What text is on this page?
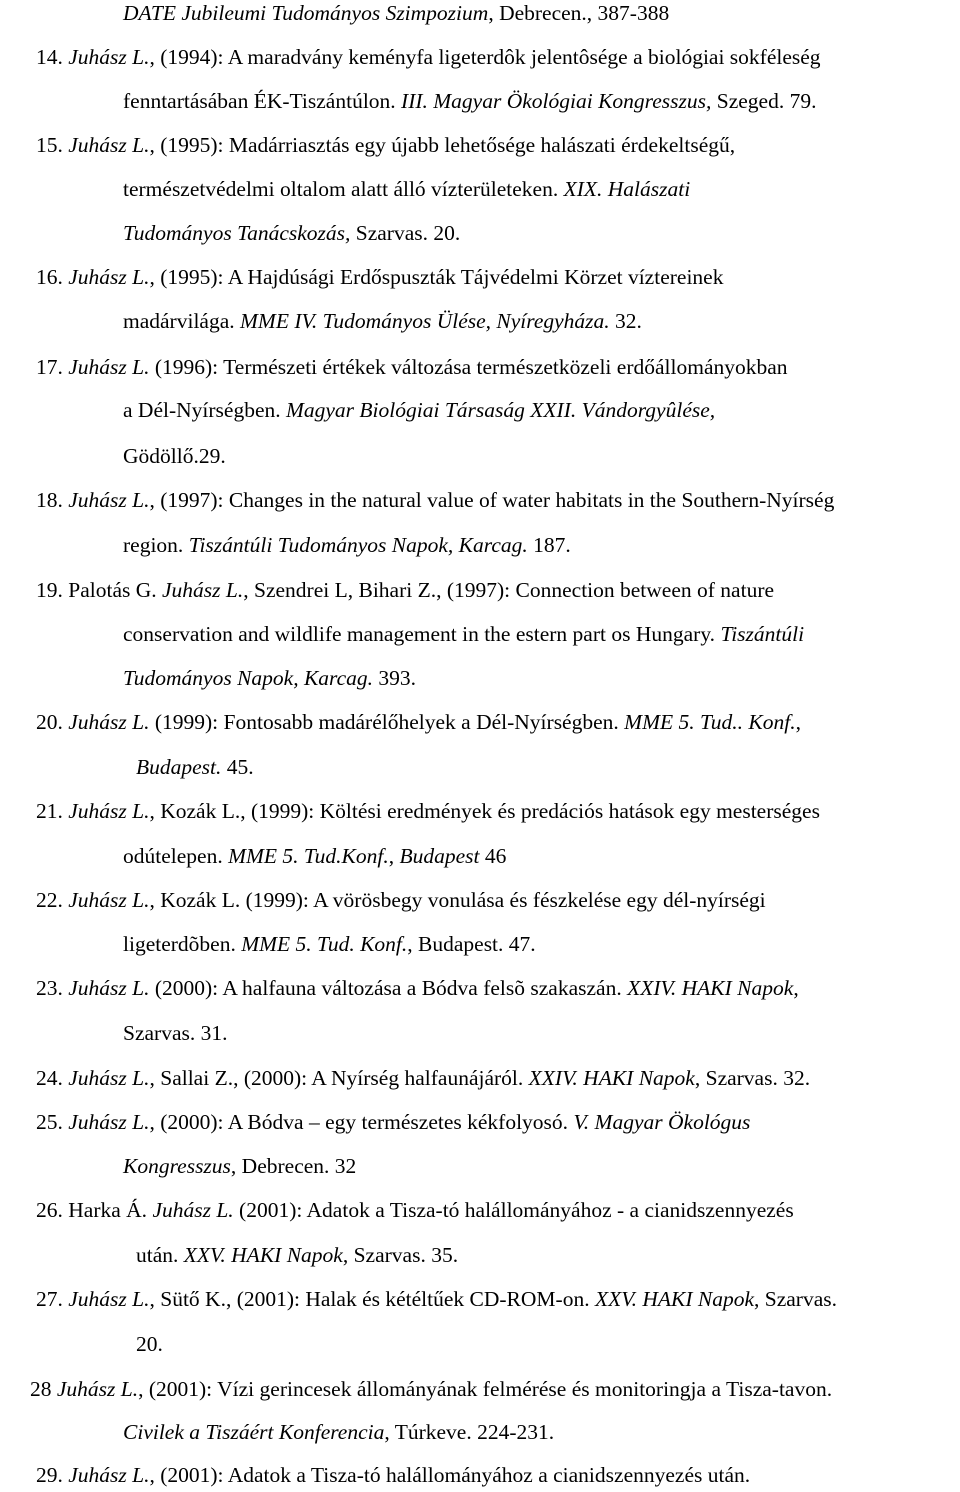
DATE Jubileumi Tudományos Szimpozium, Debrecen., 387-388
14. Juhász L., (1994): A maradvány keményfa ligeterdôk jelentôsége a biológiai sokféleség
fenntartásában ÉK-Tiszántúlon. III. Magyar Ökológiai Kongresszus, Szeged. 79.
15. Juhász L., (1995): Madárriasztás egy újabb lehetősége halászati érdekeltségű,
természetvédelmi oltalom alatt álló vízterületeken. XIX. Halászati
Tudományos Tanácskozás, Szarvas. 20.
16. Juhász L., (1995): A Hajdúsági Erdőspuszták Tájvédelmi Körzet víztereinek
madárvilága. MME IV. Tudományos Ülése, Nyíregyháza. 32.
17. Juhász L. (1996): Természeti értékek változása természetközeli erdőállományokban
a Dél-Nyírségben. Magyar Biológiai Társaság XXII. Vándorgyûlése,
Gödöllő.29.
18. Juhász L., (1997): Changes in the natural value of water habitats in the Southern-Nyírség
region. Tiszántúli Tudományos Napok, Karcag. 187.
19. Palotás G. Juhász L., Szendrei L, Bihari Z., (1997): Connection between of nature
conservation and wildlife management in the estern part os Hungary. Tiszántúli
Tudományos Napok, Karcag. 393.
20. Juhász L. (1999): Fontosabb madárélőhelyek a Dél-Nyírségben. MME 5. Tud.. Konf.,
Budapest. 45.
21. Juhász L., Kozák L., (1999): Költési eredmények és predációs hatások egy mesterséges
odútelepen. MME 5. Tud.Konf., Budapest 46
22. Juhász L., Kozák L. (1999): A vörösbegy vonulása és fészkelése egy dél-nyírségi
ligeterdõben. MME 5. Tud. Konf., Budapest. 47.
23. Juhász L. (2000): A halfauna változása a Bódva felsõ szakaszán. XXIV. HAKI Napok,
Szarvas. 31.
24. Juhász L., Sallai Z., (2000): A Nyírség halfaunájáról. XXIV. HAKI Napok, Szarvas. 32.
25. Juhász L., (2000): A Bódva – egy természetes kékfolyosó. V. Magyar Ökológus
Kongresszus, Debrecen. 32
26. Harka Á. Juhász L. (2001): Adatok a Tisza-tó halállományához - a cianidszennyezés
után. XXV. HAKI Napok, Szarvas. 35.
27. Juhász L., Sütő K., (2001): Halak és kétéltűek CD-ROM-on. XXV. HAKI Napok, Szarvas.
20.
28 Juhász L., (2001): Vízi gerincesek állományának felmérése és monitoringja a Tisza-tavon.
Civilek a Tiszáért Konferencia, Túrkeve. 224-231.
29. Juhász L., (2001): Adatok a Tisza-tó halállományához a cianidszennyezés után.
